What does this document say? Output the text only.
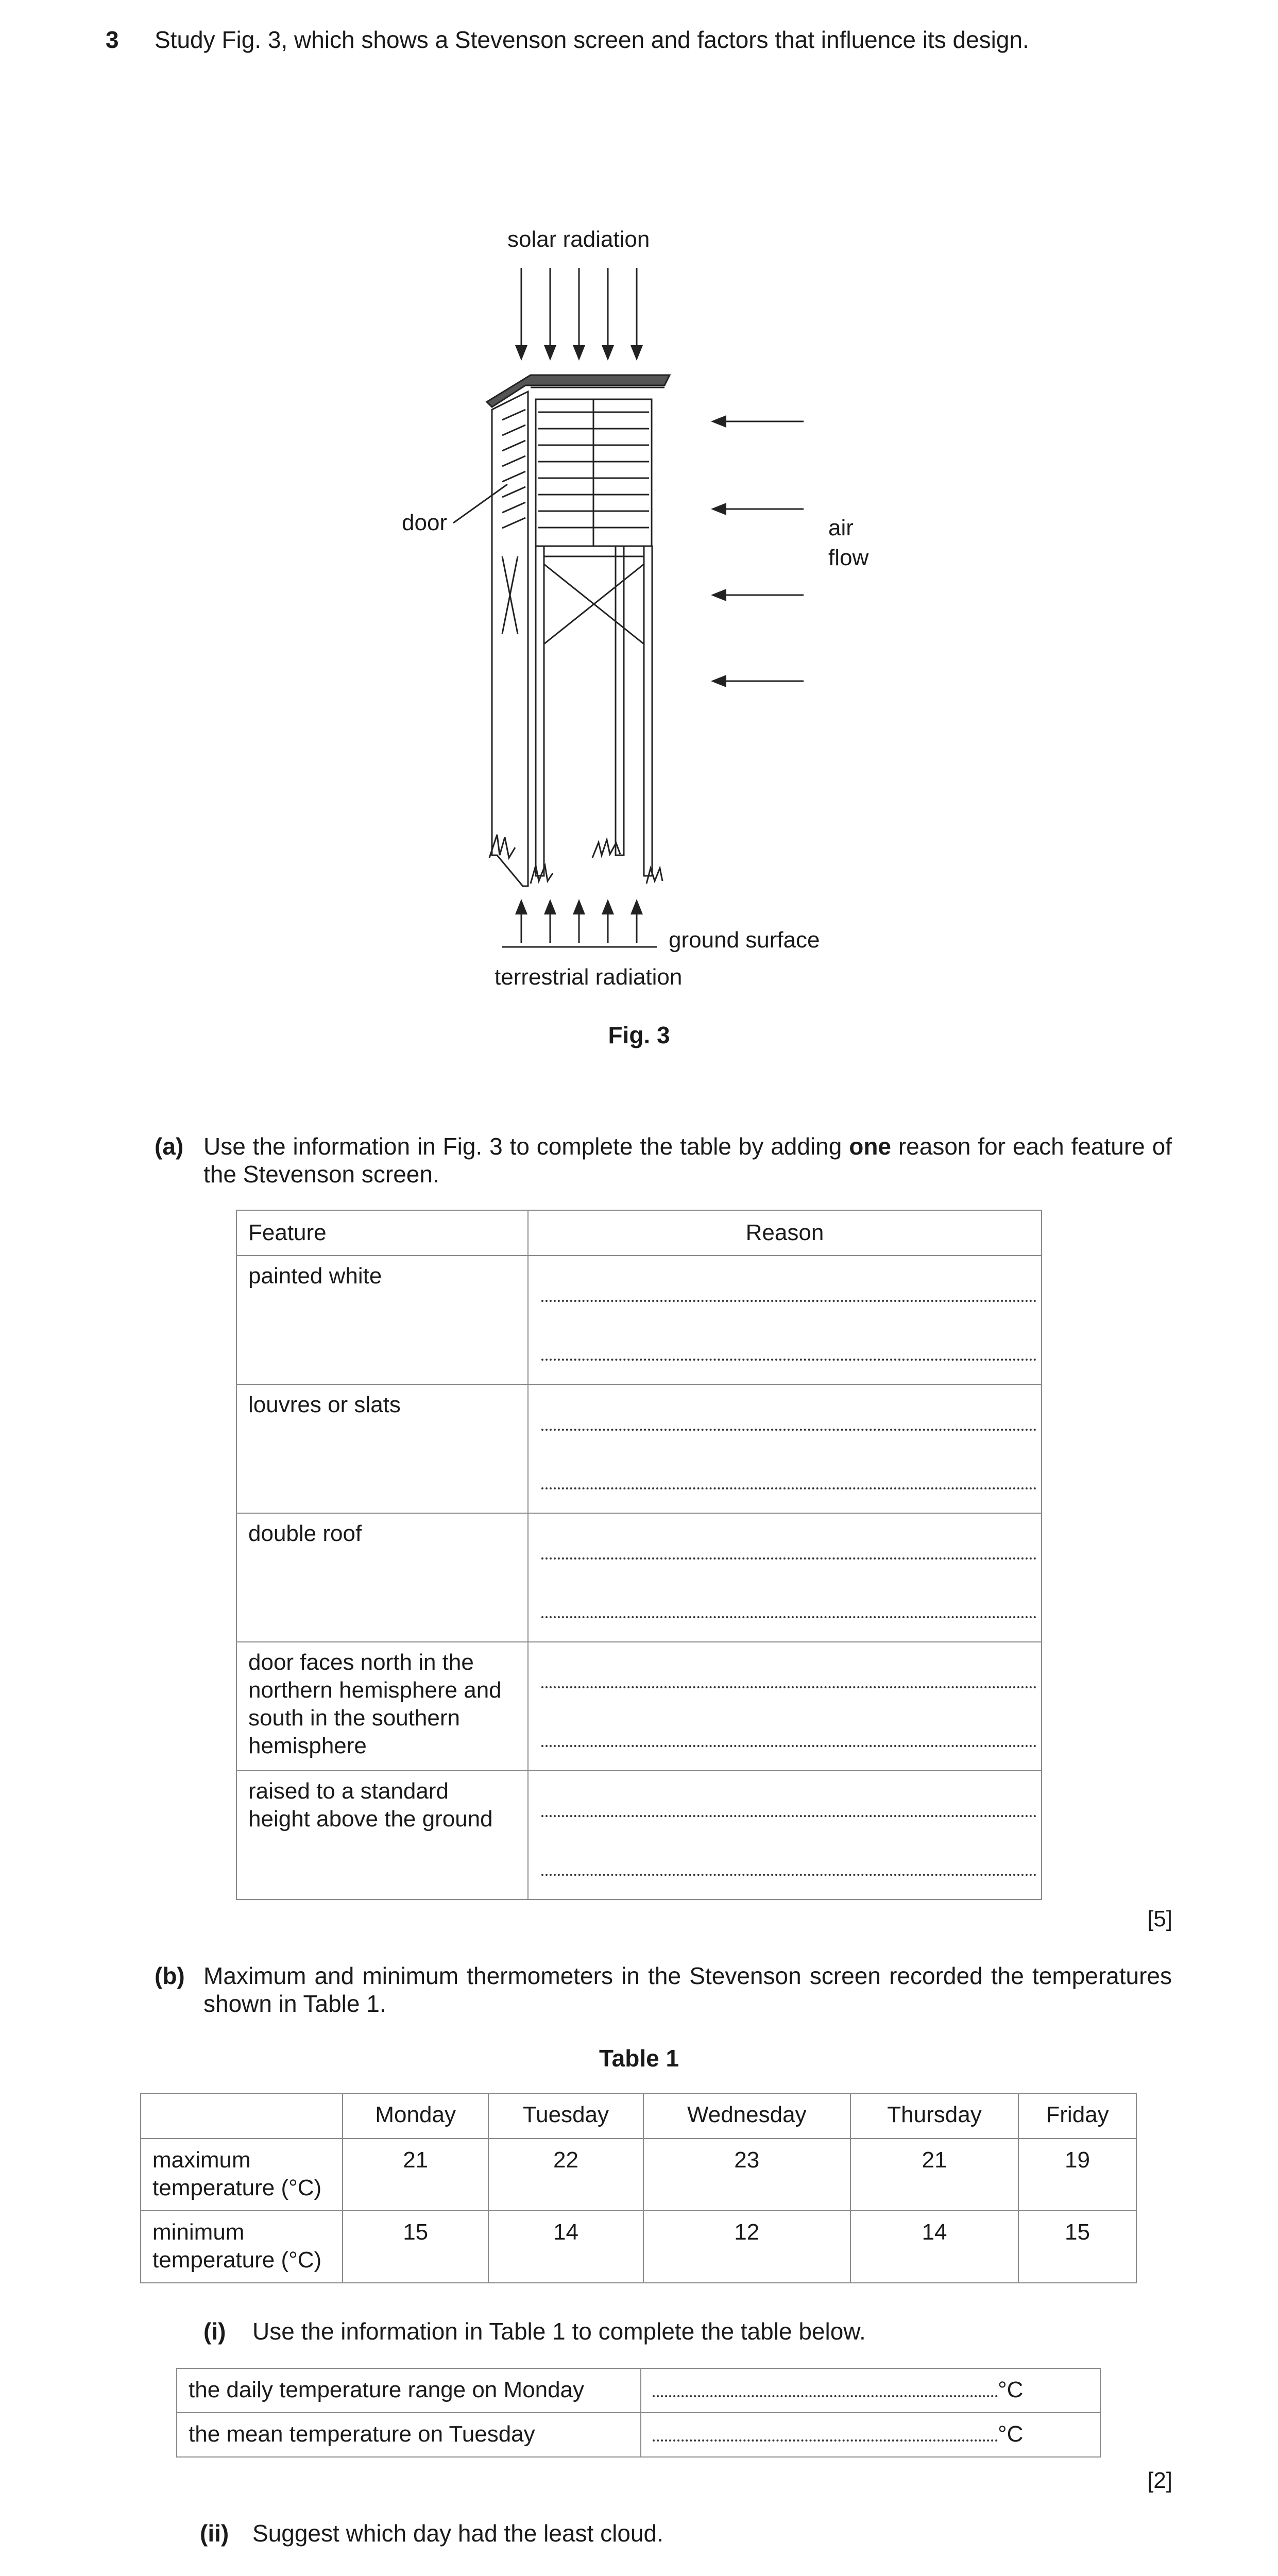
3 Study Fig. 3, which shows a Stevenson screen and factors that influence its design.
solar radiation
door	air
flow
ground surface
terrestrial radiation
Fig. 3
(a) Use the information in Fig. 3 to complete the table by adding one reason for each feature of the Stevenson screen.
Feature	Reason
painted white	

louvres or slats	

double roof	

door faces north in the northern hemisphere and south in the southern hemisphere	

raised to a standard height above the ground	
[5]
(b) Maximum and minimum thermometers in the Stevenson screen recorded the temperatures shown in Table 1.
Table 1
	Monday	Tuesday	Wednesday	Thursday	Friday
maximum temperature (°C)	21	22	23	21	19
minimum temperature (°C)	15	14	12	14	15
(i) Use the information in Table 1 to complete the table below.
the daily temperature range on Monday	°C
the mean temperature on Tuesday	°C
[2]
(ii) Suggest which day had the least cloud.
